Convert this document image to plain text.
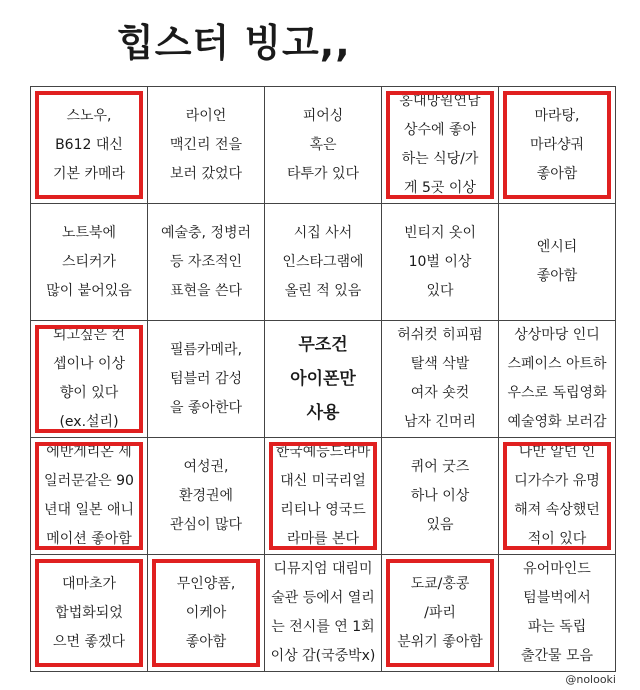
힙스터 빙고,,
스노우,
B612 대신
기본 카메라
라이언
맥긴리 전을
보러 갔었다
피어싱
혹은
타투가 있다
홍대망원연남
상수에 좋아
하는 식당/가
게 5곳 이상
마라탕,
마라샹궈
좋아함
노트북에
스티커가
많이 붙어있음
예술충, 정병러
등 자조적인
표현을 쓴다
시집 사서
인스타그램에
올린 적 있음
빈티지 옷이
10벌 이상
있다
엔시티
좋아함
되고싶은 컨
셉이나 이상
향이 있다
(ex.설리)
필름카메라,
텀블러 감성
을 좋아한다
무조건
아이폰만
사용
허쉬컷 히피펌
탈색 삭발
여자 숏컷
남자 긴머리
상상마당 인디
스페이스 아트하
우스로 독립영화
예술영화 보러감
에반게리온 세
일러문같은 90
년대 일본 애니
메이션 좋아함
여성권,
환경권에
관심이 많다
한국예능드라마
대신 미국리얼
리티나 영국드
라마를 본다
퀴어 굿즈
하나 이상
있음
나만 알던 인
디가수가 유명
해져 속상했던
적이 있다
대마초가
합법화되었
으면 좋겠다
무인양품,
이케아
좋아함
디뮤지엄 대림미
술관 등에서 열리
는 전시를 연 1회
이상 감(국중박x)
도쿄/홍콩
/파리
분위기 좋아함
유어마인드
텀블벅에서
파는 독립
출간물 모음
@nolooki
